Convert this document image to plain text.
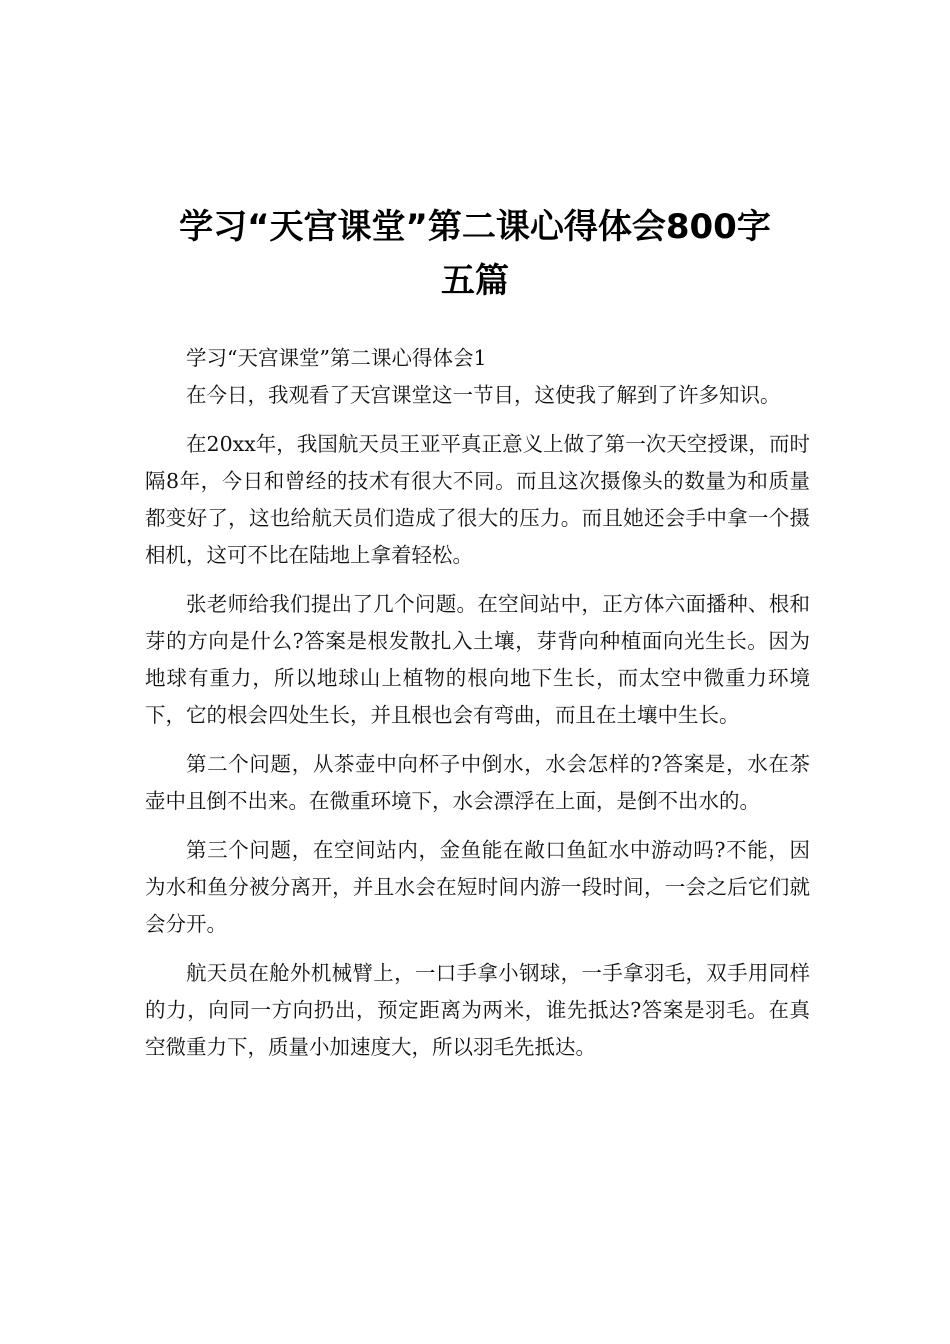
学习“天宫课堂”第二课心得体会800字
五篇

学习“天宫课堂”第二课心得体会1

在今日，我观看了天宫课堂这一节目，这使我了解到了许多知识。

在20xx年，我国航天员王亚平真正意义上做了第一次天空授课，而时隔8年，今日和曾经的技术有很大不同。而且这次摄像头的数量为和质量都变好了，这也给航天员们造成了很大的压力。而且她还会手中拿一个摄相机，这可不比在陆地上拿着轻松。

张老师给我们提出了几个问题。在空间站中，正方体六面播种、根和芽的方向是什么?答案是根发散扎入土壤，芽背向种植面向光生长。因为地球有重力，所以地球山上植物的根向地下生长，而太空中微重力环境下，它的根会四处生长，并且根也会有弯曲，而且在土壤中生长。

第二个问题，从茶壶中向杯子中倒水，水会怎样的?答案是，水在茶壶中且倒不出来。在微重环境下，水会漂浮在上面，是倒不出水的。

第三个问题，在空间站内，金鱼能在敞口鱼缸水中游动吗?不能，因为水和鱼分被分离开，并且水会在短时间内游一段时间，一会之后它们就会分开。

航天员在舱外机械臂上，一口手拿小钢球，一手拿羽毛，双手用同样的力，向同一方向扔出，预定距离为两米，谁先抵达?答案是羽毛。在真空微重力下，质量小加速度大，所以羽毛先抵达。
